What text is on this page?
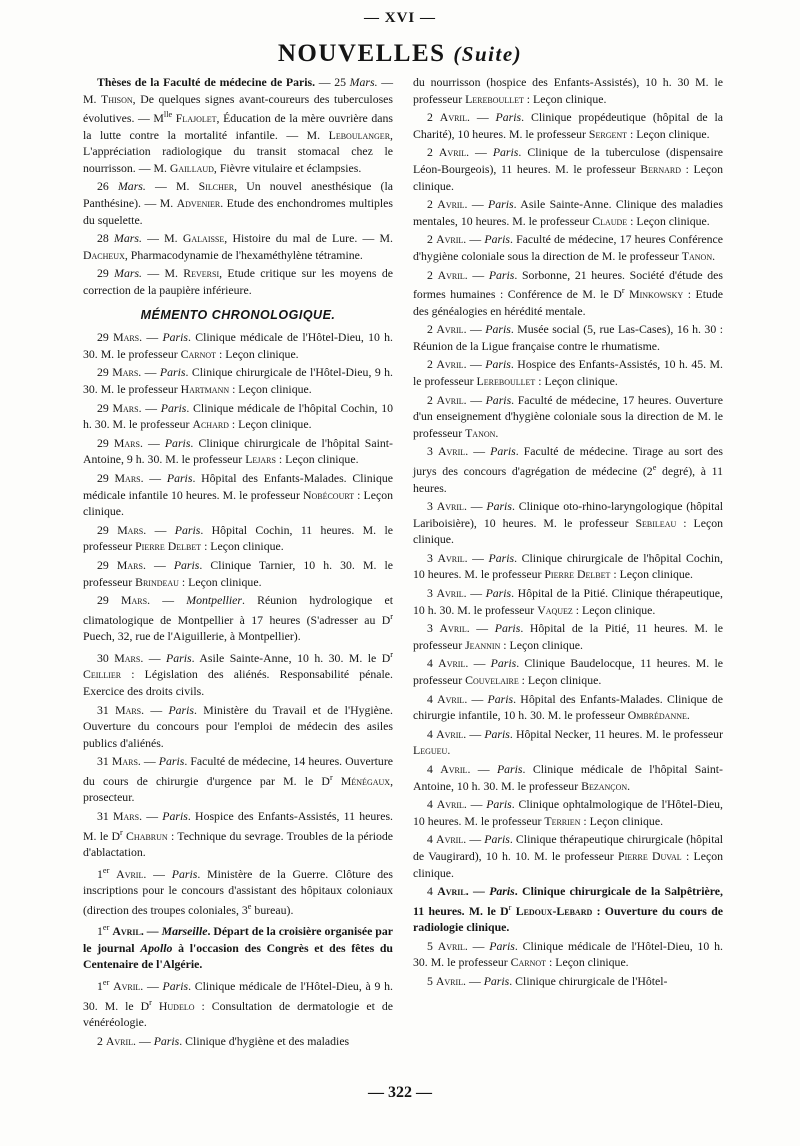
— XVI —
NOUVELLES (Suite)

Thèses de la Faculté de médecine de Paris. — 25 Mars. — M. Thison, De quelques signes avant-coureurs des tuberculoses évolutives. — $M^{lle}$ Flajolet, Éducation de la mère ouvrière dans la lutte contre la mortalité infantile. — M. Leboulanger, L'appréciation radiologique du transit stomacal chez le nourrisson. — M. Gaillaud, Fièvre vitulaire et éclampsies.

26 Mars. — M. Silcher, Un nouvel anesthésique (la Panthésine). — M. Advenier. Etude des enchondromes multiples du squelette.

28 Mars. — M. Galaisse, Histoire du mal de Lure. — M. Dacheux, Pharmacodynamie de l'hexaméthylène tétramine.

29 Mars. — M. Reversi, Etude critique sur les moyens de correction de la paupière inférieure.

MÉMENTO CHRONOLOGIQUE.

29 Mars. — Paris. Clinique médicale de l'Hôtel-Dieu, 10 h. 30. M. le professeur Carnot : Leçon clinique.

29 Mars. — Paris. Clinique chirurgicale de l'Hôtel-Dieu, 9 h. 30. M. le professeur Hartmann : Leçon clinique.

29 Mars. — Paris. Clinique médicale de l'hôpital Cochin, 10 h. 30. M. le professeur Achard : Leçon clinique.

29 Mars. — Paris. Clinique chirurgicale de l'hôpital Saint-Antoine, 9 h. 30. M. le professeur Lejars : Leçon clinique.

29 Mars. — Paris. Hôpital des Enfants-Malades. Clinique médicale infantile 10 heures. M. le professeur Nobécourt : Leçon clinique.

29 Mars. — Paris. Hôpital Cochin, 11 heures. M. le professeur Pierre Delbet : Leçon clinique.

29 Mars. — Paris. Clinique Tarnier, 10 h. 30. M. le professeur Brindeau : Leçon clinique.

29 Mars. — Montpellier. Réunion hydrologique et climatologique de Montpellier à 17 heures (S'adresser au $D^r$ Puech, 32, rue de l'Aiguillerie, à Montpellier).

30 Mars. — Paris. Asile Sainte-Anne, 10 h. 30. M. le $D^r$ Ceillier : Législation des aliénés. Responsabilité pénale. Exercice des droits civils.

31 Mars. — Paris. Ministère du Travail et de l'Hygiène. Ouverture du concours pour l'emploi de médecin des asiles publics d'aliénés.

31 Mars. — Paris. Faculté de médecine, 14 heures. Ouverture du cours de chirurgie d'urgence par M. le $D^r$ Ménégaux, prosecteur.

31 Mars. — Paris. Hospice des Enfants-Assistés, 11 heures. M. le $D^r$ Chabrun : Technique du sevrage. Troubles de la période d'ablactation.

1er Avril. — Paris. Ministère de la Guerre. Clôture des inscriptions pour le concours d'assistant des hôpitaux coloniaux (direction des troupes coloniales, 3e bureau).

1er Avril. — Marseille. Départ de la croisière organisée par le journal Apollo à l'occasion des Congrès et des fêtes du Centenaire de l'Algérie.

1er Avril. — Paris. Clinique médicale de l'Hôtel-Dieu, à 9 h. 30. M. le $D^r$ Hudelo : Consultation de dermatologie et de vénéréologie.

2 Avril. — Paris. Clinique d'hygiène et des maladies

du nourrisson (hospice des Enfants-Assistés), 10 h. 30 M. le professeur Lereboullet : Leçon clinique.

2 Avril. — Paris. Clinique propédeutique (hôpital de la Charité), 10 heures. M. le professeur Sergent : Leçon clinique.

2 Avril. — Paris. Clinique de la tuberculose (dispensaire Léon-Bourgeois), 11 heures. M. le professeur Bernard : Leçon clinique.

2 Avril. — Paris. Asile Sainte-Anne. Clinique des maladies mentales, 10 heures. M. le professeur Claude : Leçon clinique.

2 Avril. — Paris. Faculté de médecine, 17 heures Conférence d'hygiène coloniale sous la direction de M. le professeur Tanon.

2 Avril. — Paris. Sorbonne, 21 heures. Société d'étude des formes humaines : Conférence de M. le $D^r$ Minkowsky : Etude des généalogies en hérédité mentale.

2 Avril. — Paris. Musée social (5, rue Las-Cases), 16 h. 30 : Réunion de la Ligue française contre le rhumatisme.

2 Avril. — Paris. Hospice des Enfants-Assistés, 10 h. 45. M. le professeur Lereboullet : Leçon clinique.

2 Avril. — Paris. Faculté de médecine, 17 heures. Ouverture d'un enseignement d'hygiène coloniale sous la direction de M. le professeur Tanon.

3 Avril. — Paris. Faculté de médecine. Tirage au sort des jurys des concours d'agrégation de médecine (2e degré), à 11 heures.

3 Avril. — Paris. Clinique oto-rhino-laryngologique (hôpital Lariboisière), 10 heures. M. le professeur Sebileau : Leçon clinique.

3 Avril. — Paris. Clinique chirurgicale de l'hôpital Cochin, 10 heures. M. le professeur Pierre Delbet : Leçon clinique.

3 Avril. — Paris. Hôpital de la Pitié. Clinique thérapeutique, 10 h. 30. M. le professeur Vaquez : Leçon clinique.

3 Avril. — Paris. Hôpital de la Pitié, 11 heures. M. le professeur Jeannin : Leçon clinique.

4 Avril. — Paris. Clinique Baudelocque, 11 heures. M. le professeur Couvelaire : Leçon clinique.

4 Avril. — Paris. Hôpital des Enfants-Malades. Clinique de chirurgie infantile, 10 h. 30. M. le professeur Ombrédanne.

4 Avril. — Paris. Hôpital Necker, 11 heures. M. le professeur Legueu.

4 Avril. — Paris. Clinique médicale de l'hôpital Saint-Antoine, 10 h. 30. M. le professeur Bezançon.

4 Avril. — Paris. Clinique ophtalmologique de l'Hôtel-Dieu, 10 heures. M. le professeur Terrien : Leçon clinique.

4 Avril. — Paris. Clinique thérapeutique chirurgicale (hôpital de Vaugirard), 10 h. 10. M. le professeur Pierre Duval : Leçon clinique.

4 Avril. — Paris. Clinique chirurgicale de la Salpêtrière, 11 heures. M. le $D^r$ Ledoux-Lebard : Ouverture du cours de radiologie clinique.

5 Avril. — Paris. Clinique médicale de l'Hôtel-Dieu, 10 h. 30. M. le professeur Carnot : Leçon clinique.

5 Avril. — Paris. Clinique chirurgicale de l'Hôtel-

— 322 —
